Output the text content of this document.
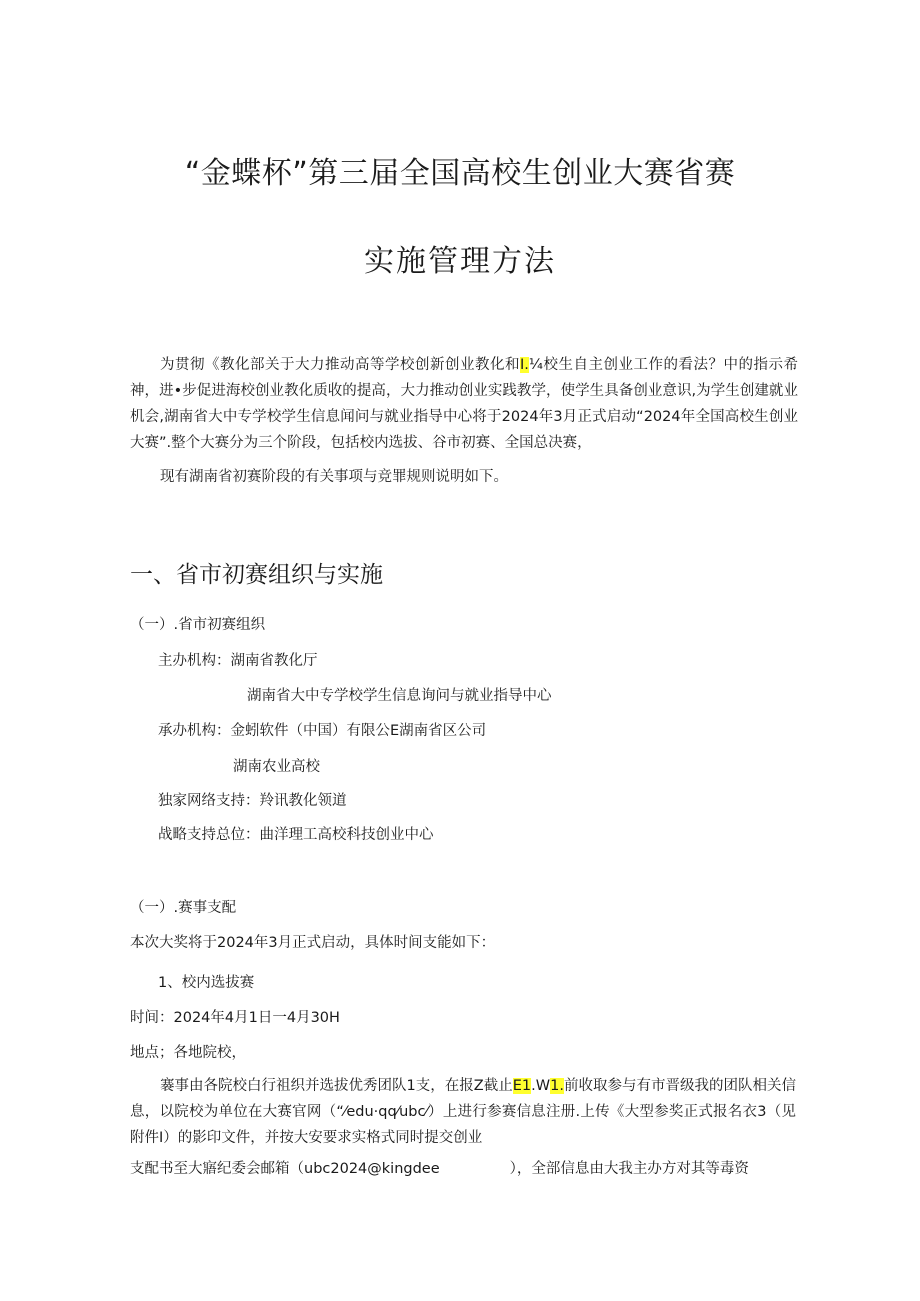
“金蝶杯”第三届全国高校生创业大赛省赛
实施管理方法

为贯彻《教化部关于大力推动高等学校创新创业教化和I.¼校生自主创业工作的看法？中的指示希神，进•步促进海校创业教化质收的提高，大力推动创业实践教学，使学生具备创业意识,为学生创建就业机会,湖南省大中专学校学生信息闻问与就业指导中心将于2024年3月正式启动“2024年全国高校生创业大赛”.整个大赛分为三个阶段，包括校内选拔、谷市初赛、全国总决赛，

现有湖南省初赛阶段的有关事项与竞罪规则说明如下。

一、省市初赛组织与实施
（一）.省市初赛组织
主办机构：湖南省教化厅
湖南省大中专学校学生信息询问与就业指导中心
承办机构：金蚓软件（中国）有限公E湖南省区公司
湖南农业高校
独家网络支持：羚讯教化领道
战略支持总位：曲洋理工高校科技创业中心
（一）.赛事支配
本次大奖将于2024年3月正式启动，具体时间支能如下：
1、校内选拔赛
时间：2024年4月1日一4月30H
地点；各地院校，

褰事由各院校白行祖织并选拔优秀团队1支，在报Z截止E1.W1.前收取参与有市晋级我的团队相关信息，以院校为单位在大赛官网（“⁄edu·qq⁄ubc⁄）上进行参赛信息注册.上传《大型参奖正式报名衣3（见附件I）的影印文件，并按大安要求实格式同时提交创业

支配书至大寤纪委会邮箱（ubc2024@kingdee	），全部信息由大我主办方对其等毒资
